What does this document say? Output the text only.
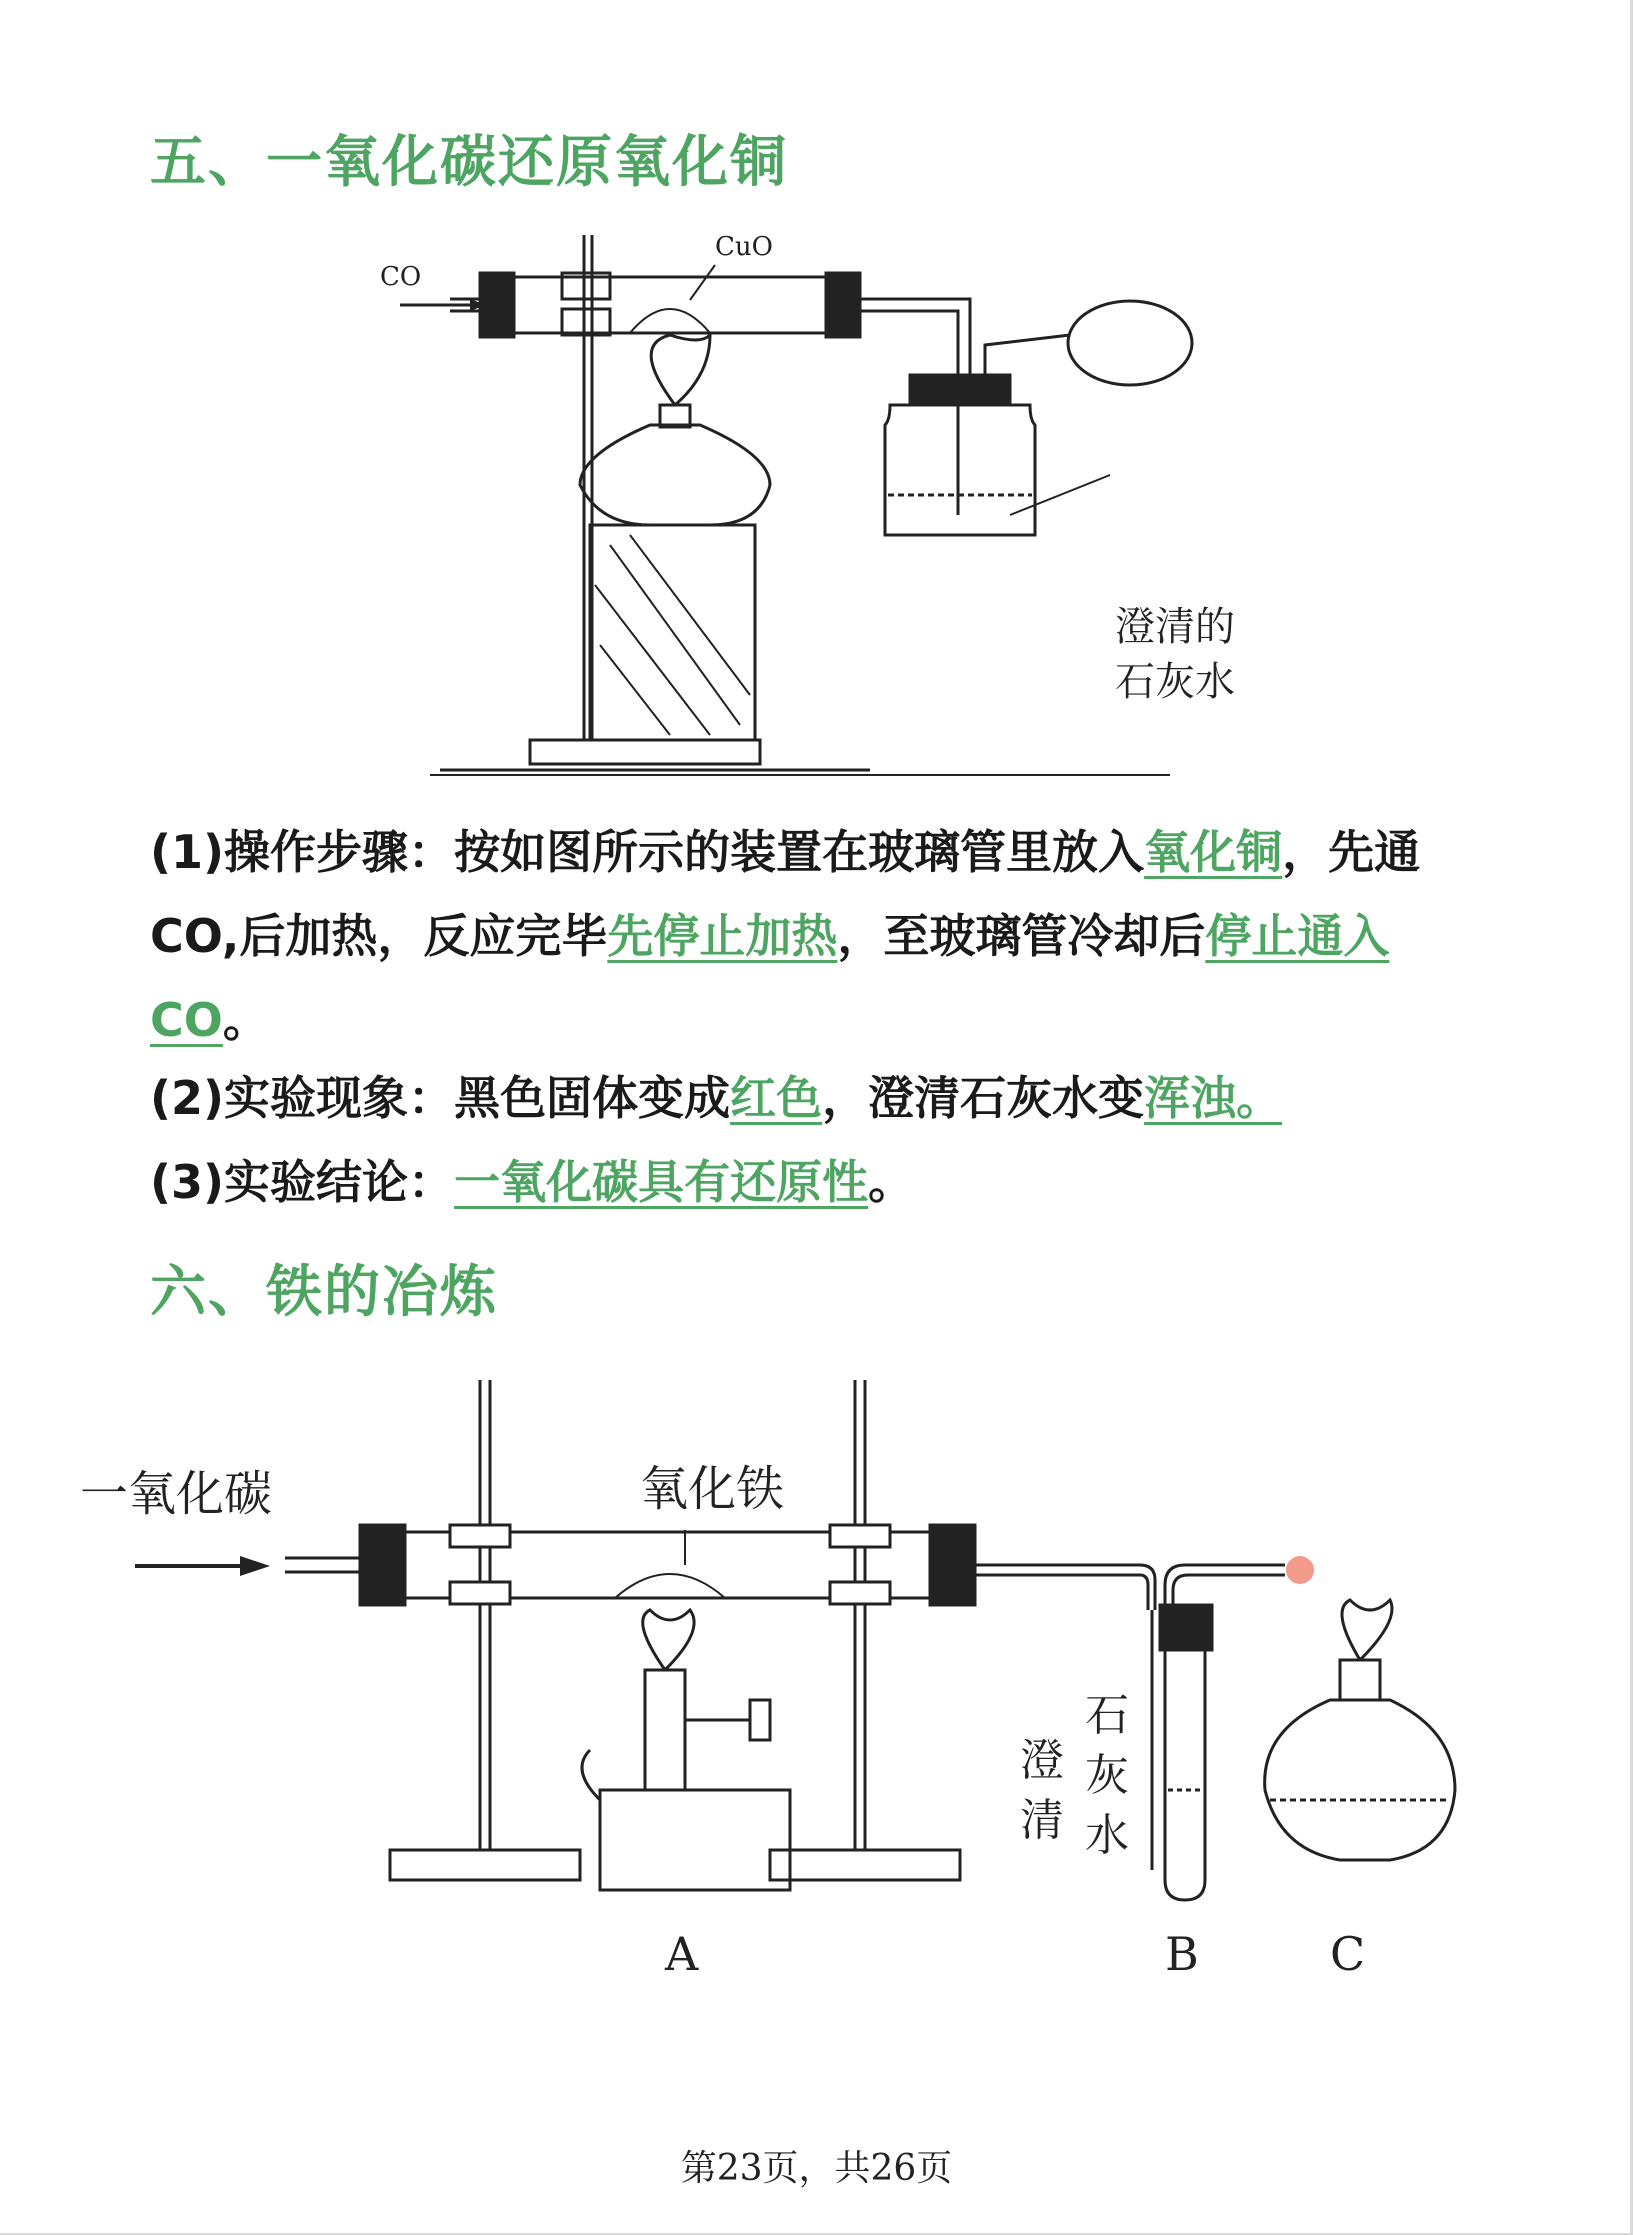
五、一氧化碳还原氧化铜
CO
CuO
澄清的
石灰水

(1)操作步骤：按如图所示的装置在玻璃管里放入氧化铜，先通 CO,后加热，反应完毕先停止加热，至玻璃管冷却后停止通入 CO。

(2)实验现象：黑色固体变成红色，澄清石灰水变浑浊。

(3)实验结论：一氧化碳具有还原性。

六、铁的冶炼
一氧化碳	氧化铁
石
灰
水
澄
清
A	B	C
第23页，共26页
